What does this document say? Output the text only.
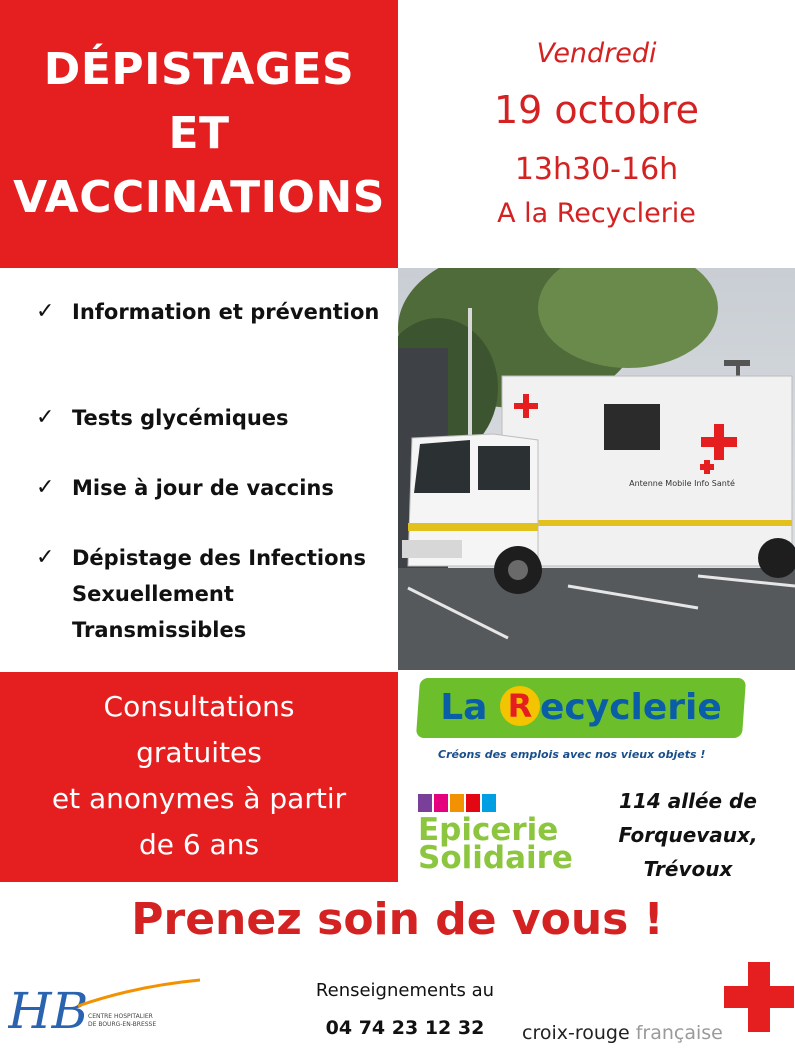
DÉPISTAGES
ET
VACCINATIONS
Vendredi
19 octobre
13h30-16h
A la Recyclerie
✓ Information et prévention
✓ Tests glycémiques
✓ Mise à jour de vaccins
✓ Dépistage des Infections Sexuellement Transmissibles
Antenne Mobile Info Santé
Consultations
gratuites
et anonymes à partir
de 6 ans
La R ecyclerie
Créons des emplois avec nos vieux objets !
Epicerie
Solidaire
114 allée de
Forquevaux,
Trévoux
Prenez soin de vous !
HB CENTRE HOSPITALIER
DE BOURG-EN-BRESSE
Renseignements au
04 74 23 12 32	croix-rouge française
